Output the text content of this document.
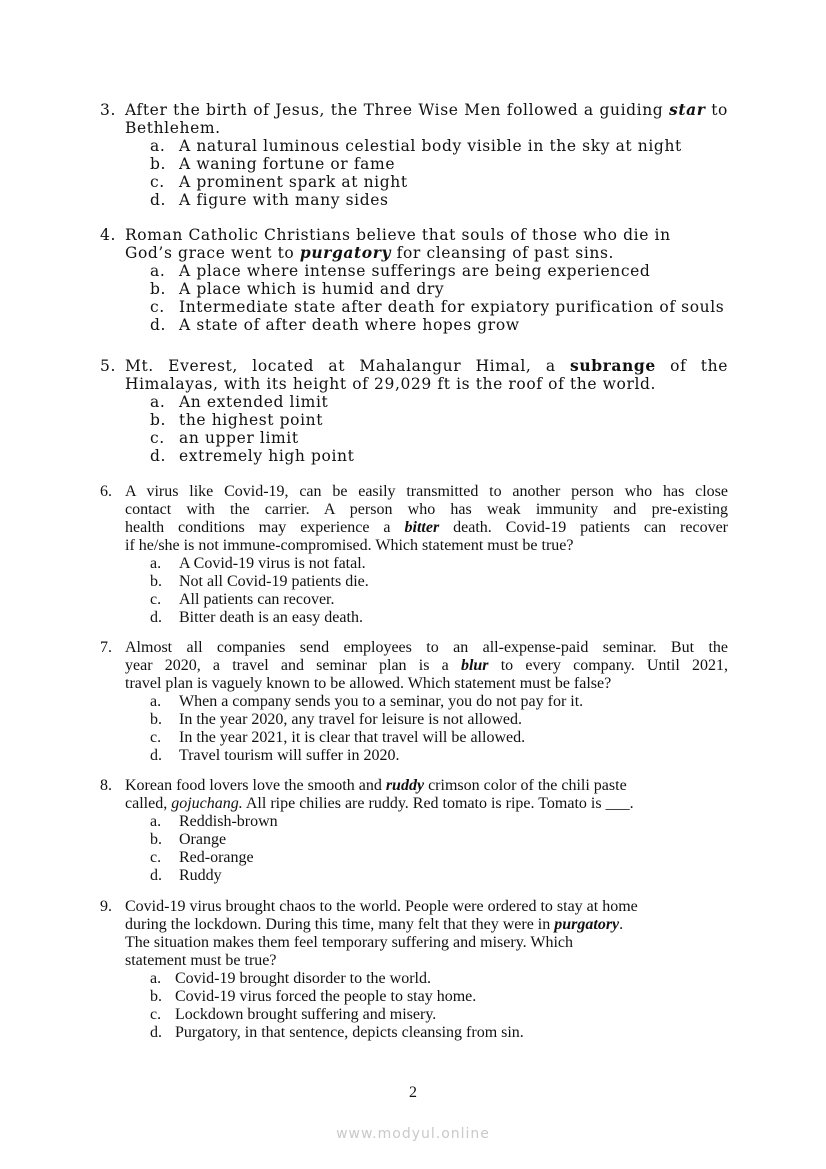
3. After the birth of Jesus, the Three Wise Men followed a guiding star to
Bethlehem.
a. A natural luminous celestial body visible in the sky at night
b. A waning fortune or fame
c. A prominent spark at night
d. A figure with many sides
4. Roman Catholic Christians believe that souls of those who die in
God’s grace went to purgatory for cleansing of past sins.
a. A place where intense sufferings are being experienced
b. A place which is humid and dry
c. Intermediate state after death for expiatory purification of souls
d. A state of after death where hopes grow
5. Mt. Everest, located at Mahalangur Himal, a subrange of the
Himalayas, with its height of 29,029 ft is the roof of the world.
a. An extended limit
b. the highest point
c. an upper limit
d. extremely high point
6. A virus like Covid-19, can be easily transmitted to another person who has close
contact with the carrier. A person who has weak immunity and pre-existing
health conditions may experience a bitter death. Covid-19 patients can recover
if he/she is not immune-compromised. Which statement must be true?
a. A Covid-19 virus is not fatal.
b. Not all Covid-19 patients die.
c. All patients can recover.
d. Bitter death is an easy death.
7. Almost all companies send employees to an all-expense-paid seminar. But the
year 2020, a travel and seminar plan is a blur to every company. Until 2021,
travel plan is vaguely known to be allowed. Which statement must be false?
a. When a company sends you to a seminar, you do not pay for it.
b. In the year 2020, any travel for leisure is not allowed.
c. In the year 2021, it is clear that travel will be allowed.
d. Travel tourism will suffer in 2020.
8. Korean food lovers love the smooth and ruddy crimson color of the chili paste
called, gojuchang. All ripe chilies are ruddy. Red tomato is ripe. Tomato is ___.
a. Reddish-brown
b. Orange
c. Red-orange
d. Ruddy
9. Covid-19 virus brought chaos to the world. People were ordered to stay at home
during the lockdown. During this time, many felt that they were in purgatory.
The situation makes them feel temporary suffering and misery. Which
statement must be true?
a. Covid-19 brought disorder to the world.
b. Covid-19 virus forced the people to stay home.
c. Lockdown brought suffering and misery.
d. Purgatory, in that sentence, depicts cleansing from sin.
2
www.modyul.online
